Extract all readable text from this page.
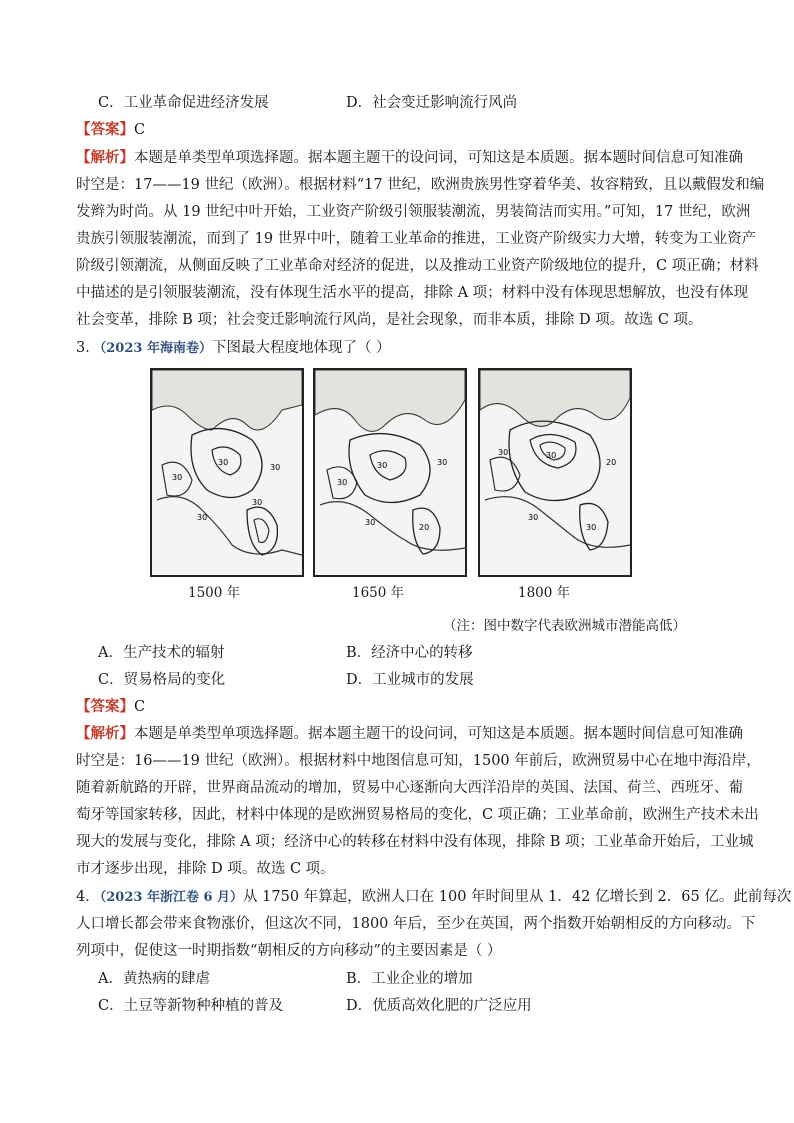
C．工业革命促进经济发展	D．社会变迁影响流行风尚
【答案】C
【解析】本题是单类型单项选择题。据本题主题干的设问词，可知这是本质题。据本题时间信息可知准确
时空是：17——19 世纪（欧洲）。根据材料“17 世纪，欧洲贵族男性穿着华美、妆容精致，且以戴假发和编
发辫为时尚。从 19 世纪中叶开始，工业资产阶级引领服装潮流，男装简洁而实用。”可知，17 世纪，欧洲
贵族引领服装潮流，而到了 19 世界中叶，随着工业革命的推进，工业资产阶级实力大增，转变为工业资产
阶级引领潮流，从侧面反映了工业革命对经济的促进，以及推动工业资产阶级地位的提升，C 项正确；材料
中描述的是引领服装潮流，没有体现生活水平的提高，排除 A 项；材料中没有体现思想解放，也没有体现
社会变革，排除 B 项；社会变迁影响流行风尚，是社会现象，而非本质，排除 D 项。故选 C 项。
3．（2023 年海南卷）下图最大程度地体现了（ ）
30
30
30
30
30
30	30
30
30
20
30	30
20
30
30
1500 年	1650 年	1800 年
（注：图中数字代表欧洲城市潜能高低）
A．生产技术的辐射	B．经济中心的转移
C．贸易格局的变化	D．工业城市的发展
【答案】C
【解析】本题是单类型单项选择题。据本题主题干的设问词，可知这是本质题。据本题时间信息可知准确
时空是：16——19 世纪（欧洲）。根据材料中地图信息可知，1500 年前后，欧洲贸易中心在地中海沿岸，
随着新航路的开辟，世界商品流动的增加，贸易中心逐渐向大西洋沿岸的英国、法国、荷兰、西班牙、葡
萄牙等国家转移，因此，材料中体现的是欧洲贸易格局的变化，C 项正确；工业革命前，欧洲生产技术未出
现大的发展与变化，排除 A 项；经济中心的转移在材料中没有体现，排除 B 项；工业革命开始后，工业城
市才逐步出现，排除 D 项。故选 C 项。
4．（2023 年浙江卷 6 月）从 1750 年算起，欧洲人口在 100 年时间里从 1．42 亿增长到 2．65 亿。此前每次
人口增长都会带来食物涨价，但这次不同，1800 年后，至少在英国，两个指数开始朝相反的方向移动。下
列项中，促使这一时期指数“朝相反的方向移动”的主要因素是（ ）
A．黄热病的肆虐	B．工业企业的增加
C．土豆等新物种种植的普及	D．优质高效化肥的广泛应用
